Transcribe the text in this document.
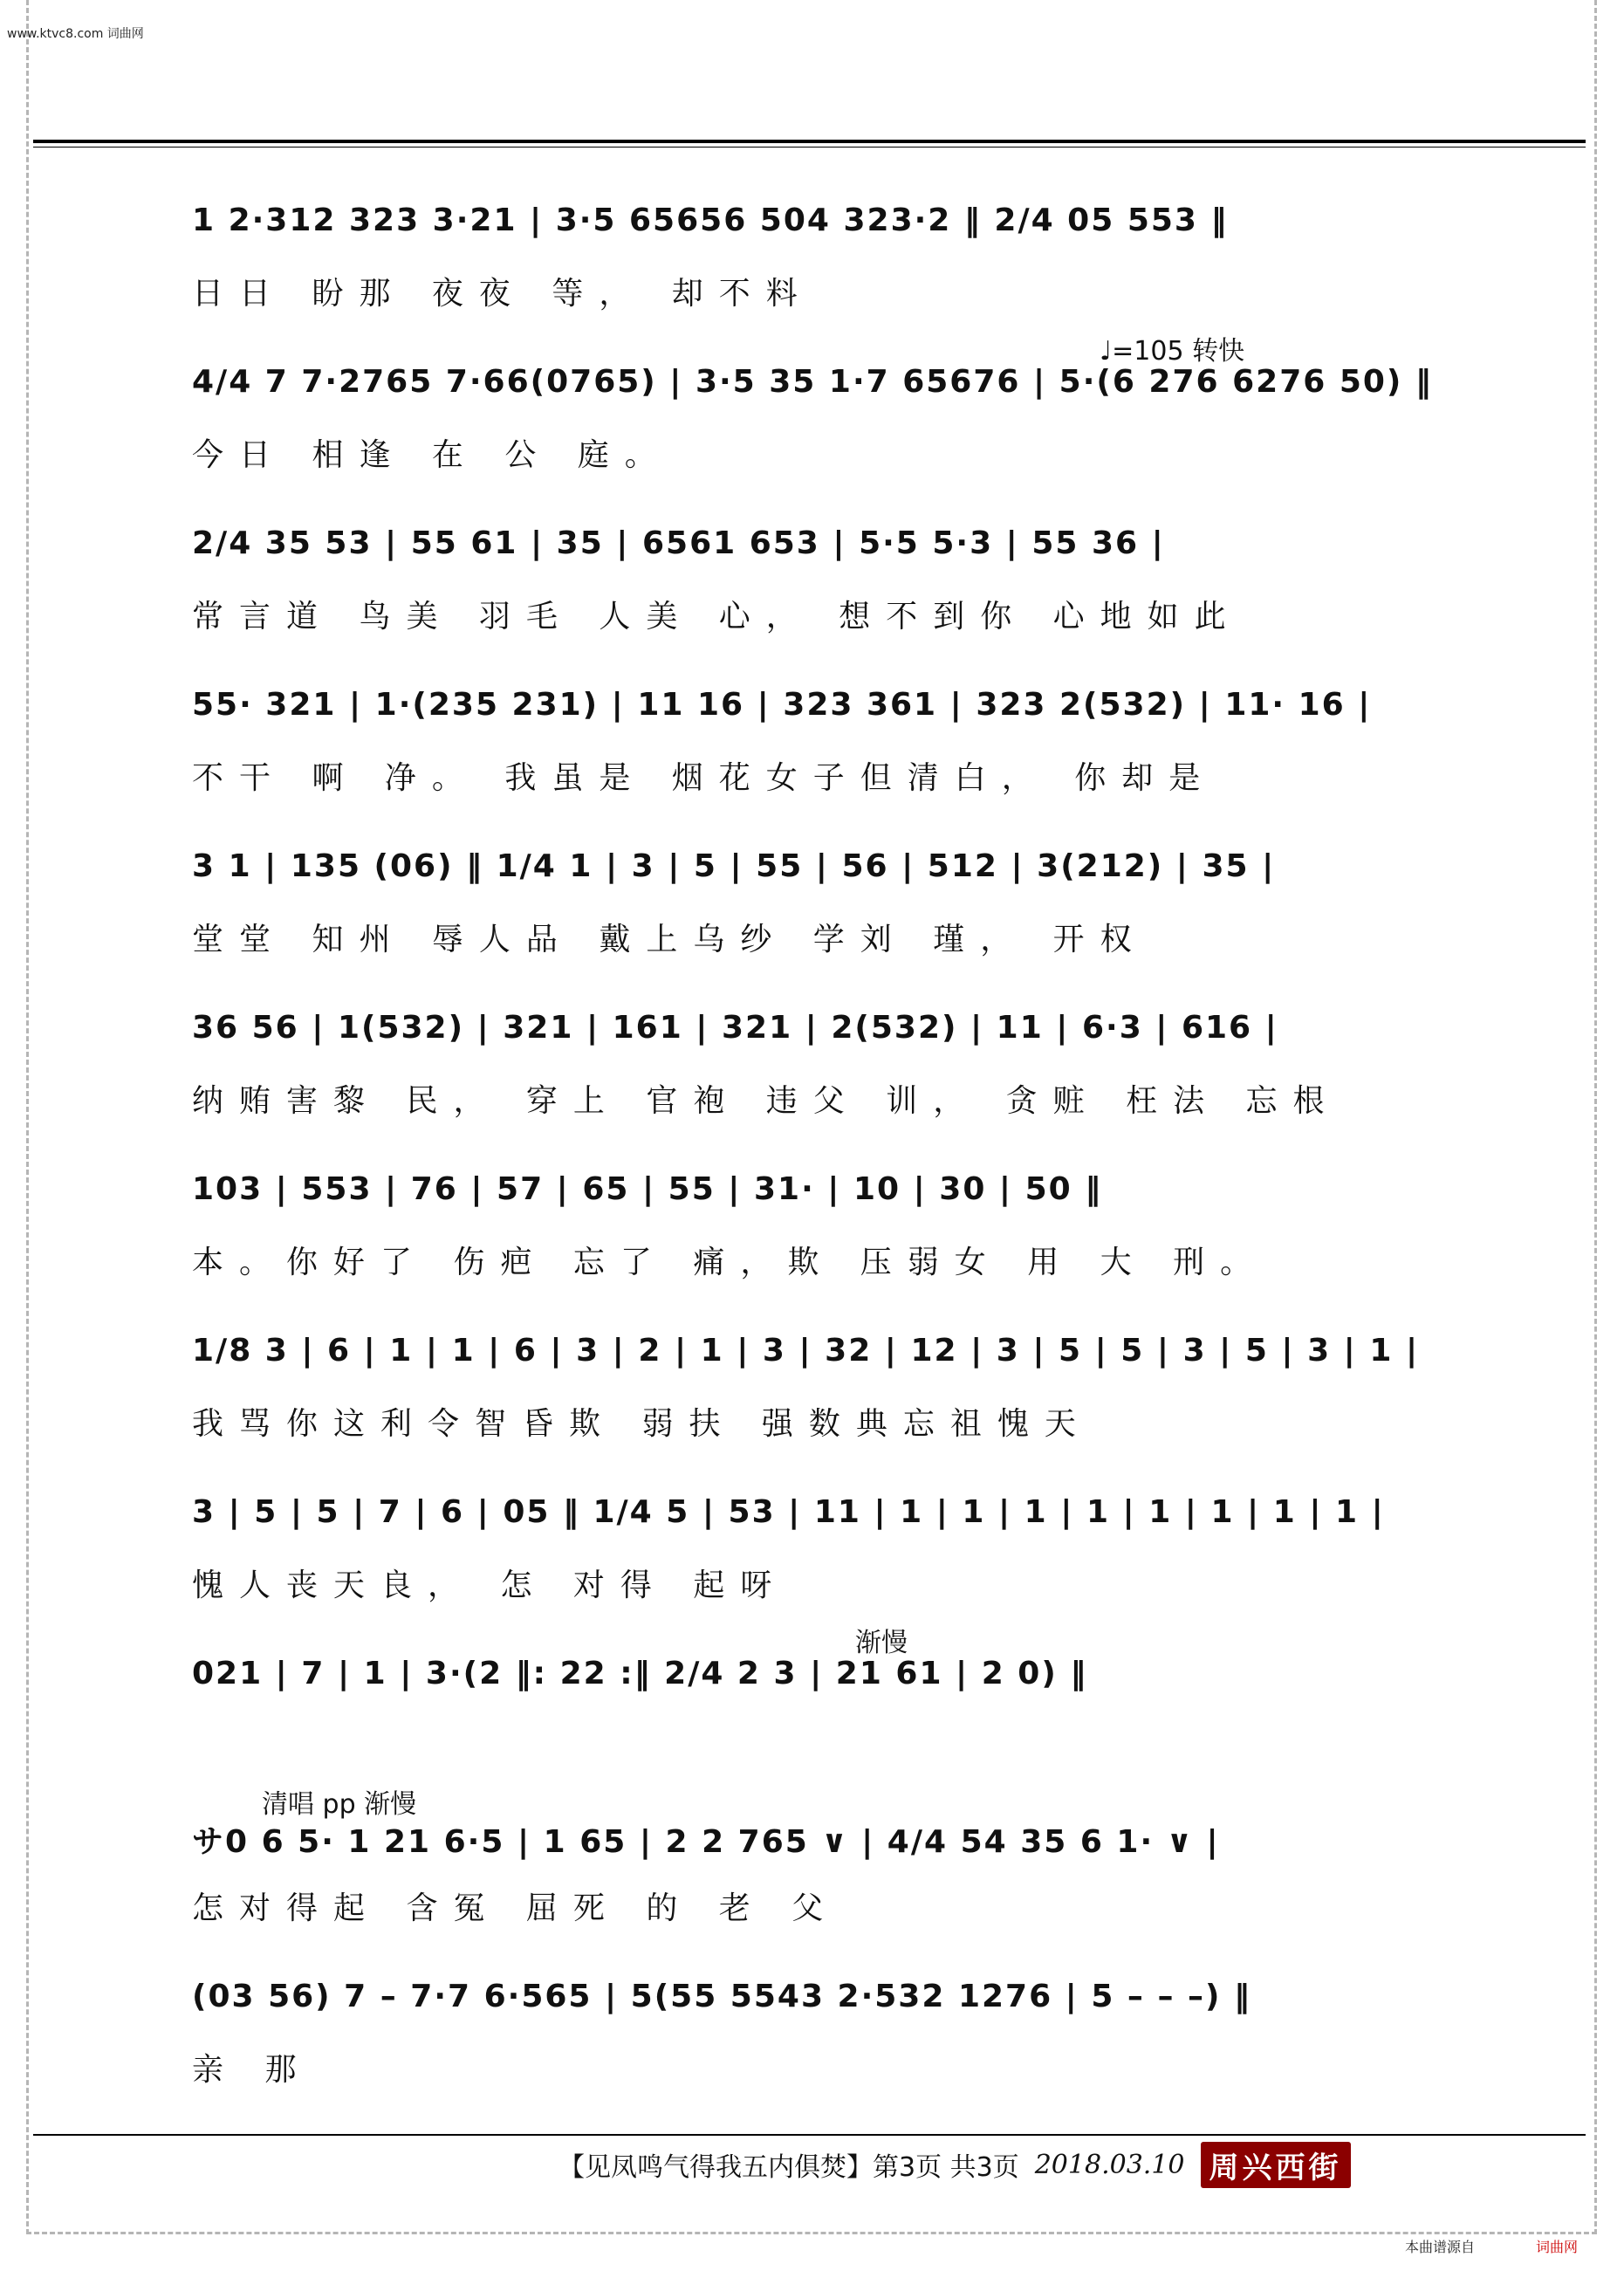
www.ktvc8.com 词曲网
1 2·312 323 3·21 | 3·5 65656 504 323·2 ‖ 2/4 05 553 ‖
日日 盼那 夜夜 等， 却不料
♩=105 转快
4/4 7 7·2765 7·66(0765) | 3·5 35 1·7 65676 | 5·(6 276 6276 50) ‖
今日 相逢 在 公 庭。
2/4 35 53 | 55 61 | 35 | 6561 653 | 5·5 5·3 | 55 36 |
常言道 鸟美 羽毛 人美 心， 想不到你 心地如此
55· 321 | 1·(235 231) | 11 16 | 323 361 | 323 2(532) | 11· 16 |
不干 啊 净。 我虽是 烟花女子但清白， 你却是
3 1 | 135 (06) ‖ 1/4 1 | 3 | 5 | 55 | 56 | 512 | 3(212) | 35 |
堂堂 知州 辱人品 戴上乌纱 学刘 瑾， 开权
36 56 | 1(532) | 321 | 161 | 321 | 2(532) | 11 | 6·3 | 616 |
纳贿害黎 民， 穿上 官袍 违父 训， 贪赃 枉法 忘根
103 | 553 | 76 | 57 | 65 | 55 | 31· | 10 | 30 | 50 ‖
本。你好了 伤疤 忘了 痛，欺 压弱女 用 大 刑。
1/8 3 | 6 | 1 | 1 | 6 | 3 | 2 | 1 | 3 | 32 | 12 | 3 | 5 | 5 | 3 | 5 | 3 | 1 |
我骂你这利令智昏欺 弱扶 强数典忘祖愧天
3 | 5 | 5 | 7 | 6 | 05 ‖ 1/4 5 | 53 | 11 | 1 | 1 | 1 | 1 | 1 | 1 | 1 | 1 |
愧人丧天良， 怎 对得 起呀
渐慢
021 | 7 | 1 | 3·(2 ‖: 22 :‖ 2/4 2 3 | 21 61 | 2 0) ‖
清唱 pp 渐慢
サ0 6 5· 1 21 6·5 | 1 65 | 2 2 765 ∨ | 4/4 54 35 6 1· ∨ |
怎对得起 含冤 屈死 的 老 父
(03 56) 7 – 7·7 6·565 | 5(55 5543 2·532 1276 | 5 – – –) ‖
亲 那
【见凤鸣气得我五内俱焚】第3页 共3页 2018.03.10 周兴西街
本曲谱源自	词曲网
